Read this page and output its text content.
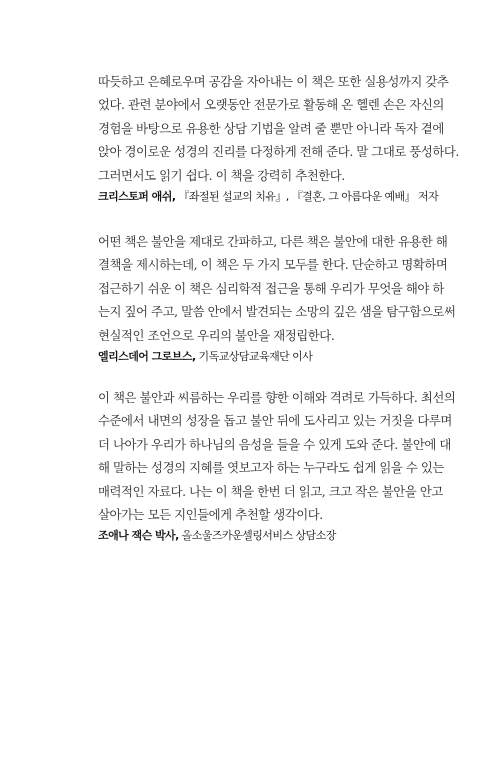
따듯하고 은혜로우며 공감을 자아내는 이 책은 또한 실용성까지 갖추
었다. 관련 분야에서 오랫동안 전문가로 활동해 온 헬렌 손은 자신의
경험을 바탕으로 유용한 상담 기법을 알려 줄 뿐만 아니라 독자 곁에
앉아 경이로운 성경의 진리를 다정하게 전해 준다. 말 그대로 풍성하다.
그러면서도 읽기 쉽다. 이 책을 강력히 추천한다.

크리스토퍼 애쉬, 『좌절된 설교의 치유』, 『결혼, 그 아름다운 예배』 저자

어떤 책은 불안을 제대로 간파하고, 다른 책은 불안에 대한 유용한 해
결책을 제시하는데, 이 책은 두 가지 모두를 한다. 단순하고 명확하며
접근하기 쉬운 이 책은 심리학적 접근을 통해 우리가 무엇을 해야 하
는지 짚어 주고, 말씀 안에서 발견되는 소망의 깊은 샘을 탐구함으로써
현실적인 조언으로 우리의 불안을 재정립한다.

엘리스데어 그로브스, 기독교상담교육재단 이사

이 책은 불안과 씨름하는 우리를 향한 이해와 격려로 가득하다. 최선의
수준에서 내면의 성장을 돕고 불안 뒤에 도사리고 있는 거짓을 다루며
더 나아가 우리가 하나님의 음성을 들을 수 있게 도와 준다. 불안에 대
해 말하는 성경의 지혜를 엿보고자 하는 누구라도 쉽게 읽을 수 있는
매력적인 자료다. 나는 이 책을 한번 더 읽고, 크고 작은 불안을 안고
살아가는 모든 지인들에게 추천할 생각이다.

조애나 잭슨 박사, 올소울즈카운셀링서비스 상담소장
